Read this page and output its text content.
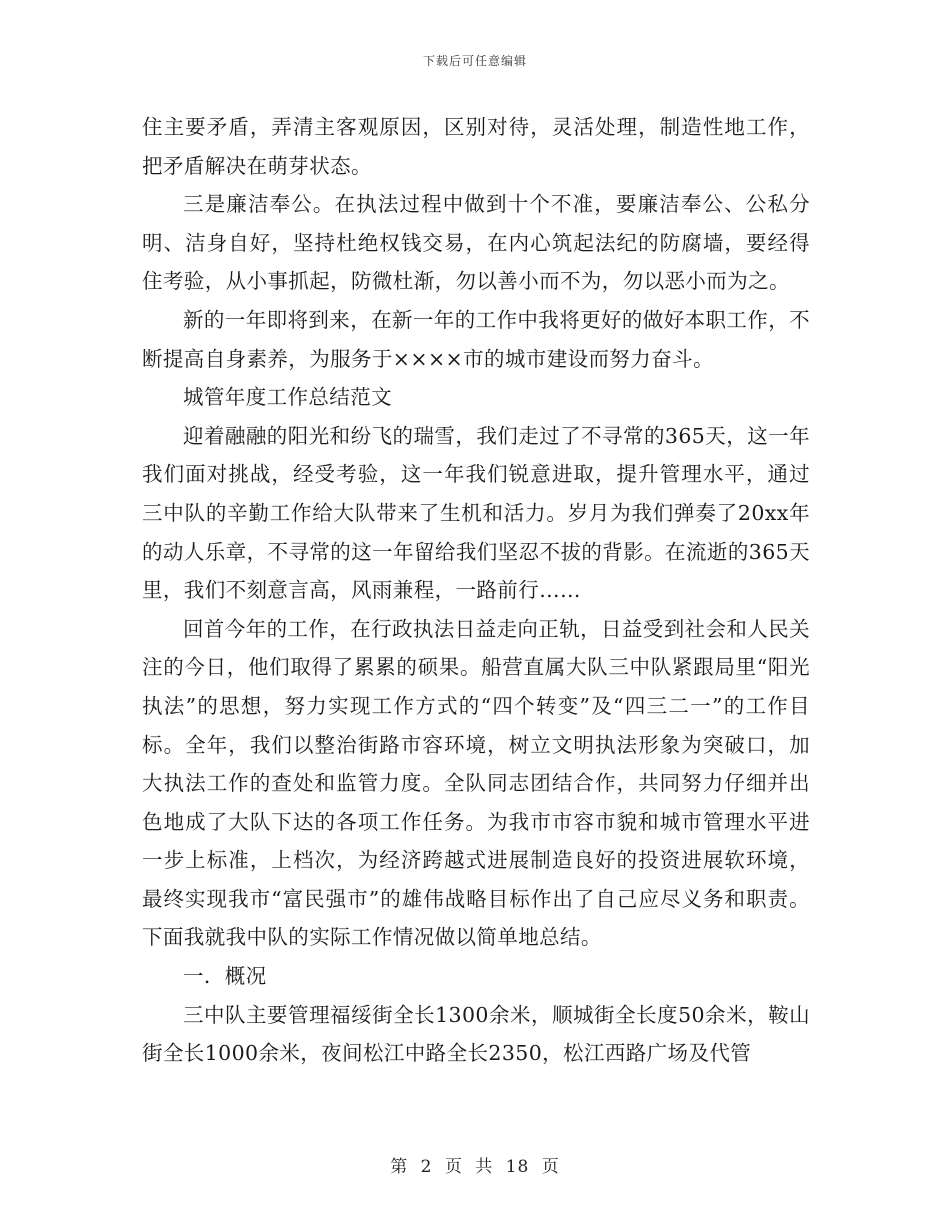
下载后可任意编辑

住主要矛盾，弄清主客观原因，区别对待，灵活处理，制造性地工作，把矛盾解决在萌芽状态。

三是廉洁奉公。在执法过程中做到十个不准，要廉洁奉公、公私分明、洁身自好，坚持杜绝权钱交易，在内心筑起法纪的防腐墙，要经得住考验，从小事抓起，防微杜渐，勿以善小而不为，勿以恶小而为之。

新的一年即将到来，在新一年的工作中我将更好的做好本职工作，不断提高自身素养，为服务于××××市的城市建设而努力奋斗。

城管年度工作总结范文

迎着融融的阳光和纷飞的瑞雪，我们走过了不寻常的365天，这一年我们面对挑战，经受考验，这一年我们锐意进取，提升管理水平，通过三中队的辛勤工作给大队带来了生机和活力。岁月为我们弹奏了20xx年的动人乐章，不寻常的这一年留给我们坚忍不拔的背影。在流逝的365天里，我们不刻意言高，风雨兼程，一路前行……

回首今年的工作，在行政执法日益走向正轨，日益受到社会和人民关注的今日，他们取得了累累的硕果。船营直属大队三中队紧跟局里“阳光执法”的思想，努力实现工作方式的“四个转变”及“四三二一”的工作目标。全年，我们以整治街路市容环境，树立文明执法形象为突破口，加大执法工作的查处和监管力度。全队同志团结合作，共同努力仔细并出色地成了大队下达的各项工作任务。为我市市容市貌和城市管理水平进一步上标准，上档次，为经济跨越式进展制造良好的投资进展软环境，最终实现我市“富民强市”的雄伟战略目标作出了自己应尽义务和职责。下面我就我中队的实际工作情况做以简单地总结。

一．概况

三中队主要管理福绥街全长1300余米，顺城街全长度50余米，鞍山街全长1000余米，夜间松江中路全长2350，松江西路广场及代管

第 2 页 共 18 页
